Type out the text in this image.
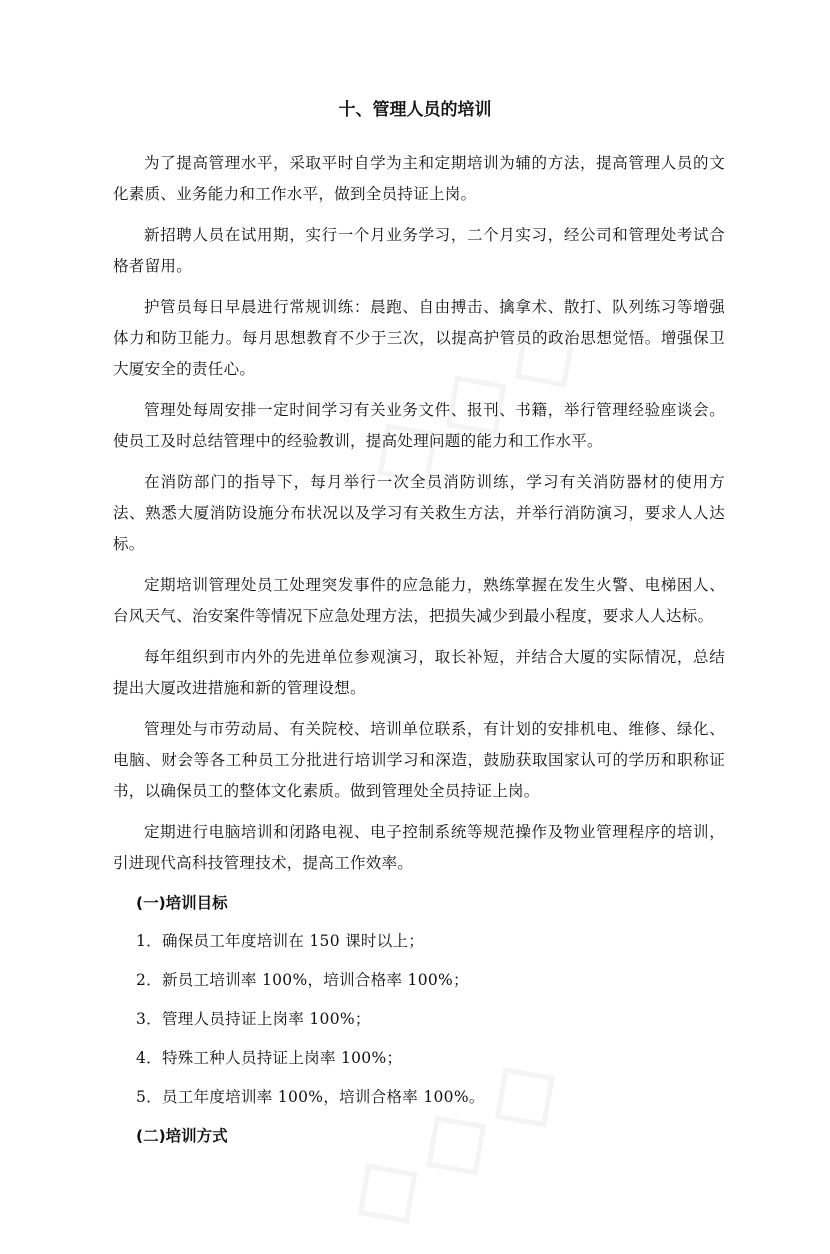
十、管理人员的培训

为了提高管理水平，采取平时自学为主和定期培训为辅的方法，提高管理人员的文化素质、业务能力和工作水平，做到全员持证上岗。

新招聘人员在试用期，实行一个月业务学习，二个月实习，经公司和管理处考试合格者留用。

护管员每日早晨进行常规训练：晨跑、自由搏击、擒拿术、散打、队列练习等增强体力和防卫能力。每月思想教育不少于三次，以提高护管员的政治思想觉悟。增强保卫大厦安全的责任心。

管理处每周安排一定时间学习有关业务文件、报刊、书籍，举行管理经验座谈会。使员工及时总结管理中的经验教训，提高处理问题的能力和工作水平。

在消防部门的指导下，每月举行一次全员消防训练，学习有关消防器材的使用方法、熟悉大厦消防设施分布状况以及学习有关救生方法，并举行消防演习，要求人人达标。

定期培训管理处员工处理突发事件的应急能力，熟练掌握在发生火警、电梯困人、台风天气、治安案件等情况下应急处理方法，把损失减少到最小程度，要求人人达标。

每年组织到市内外的先进单位参观演习，取长补短，并结合大厦的实际情况，总结提出大厦改进措施和新的管理设想。

管理处与市劳动局、有关院校、培训单位联系，有计划的安排机电、维修、绿化、电脑、财会等各工种员工分批进行培训学习和深造，鼓励获取国家认可的学历和职称证书，以确保员工的整体文化素质。做到管理处全员持证上岗。

定期进行电脑培训和闭路电视、电子控制系统等规范操作及物业管理程序的培训，引进现代高科技管理技术，提高工作效率。

(一)培训目标
1．确保员工年度培训在 150 课时以上；
2．新员工培训率 100%，培训合格率 100%；
3．管理人员持证上岗率 100%；
4．特殊工种人员持证上岗率 100%；
5．员工年度培训率 100%，培训合格率 100%。
(二)培训方式
